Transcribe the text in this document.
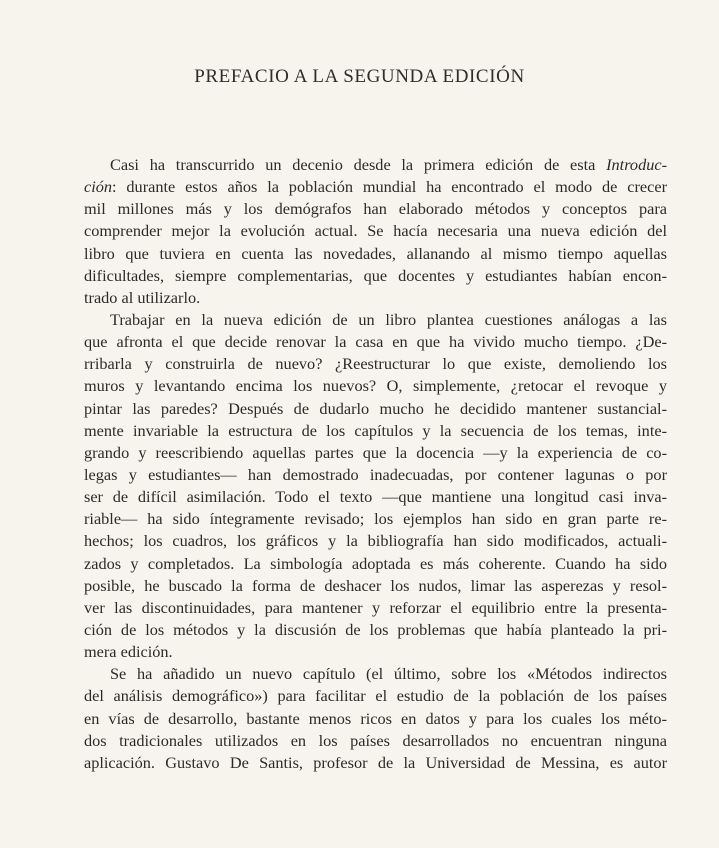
PREFACIO A LA SEGUNDA EDICIÓN
Casi ha transcurrido un decenio desde la primera edición de esta Introduc-
ción: durante estos años la población mundial ha encontrado el modo de crecer
mil millones más y los demógrafos han elaborado métodos y conceptos para
comprender mejor la evolución actual. Se hacía necesaria una nueva edición del
libro que tuviera en cuenta las novedades, allanando al mismo tiempo aquellas
dificultades, siempre complementarias, que docentes y estudiantes habían encon-
trado al utilizarlo.
Trabajar en la nueva edición de un libro plantea cuestiones análogas a las
que afronta el que decide renovar la casa en que ha vivido mucho tiempo. ¿De-
rribarla y construirla de nuevo? ¿Reestructurar lo que existe, demoliendo los
muros y levantando encima los nuevos? O, simplemente, ¿retocar el revoque y
pintar las paredes? Después de dudarlo mucho he decidido mantener sustancial-
mente invariable la estructura de los capítulos y la secuencia de los temas, inte-
grando y reescribiendo aquellas partes que la docencia —y la experiencia de co-
legas y estudiantes— han demostrado inadecuadas, por contener lagunas o por
ser de difícil asimilación. Todo el texto —que mantiene una longitud casi inva-
riable— ha sido íntegramente revisado; los ejemplos han sido en gran parte re-
hechos; los cuadros, los gráficos y la bibliografía han sido modificados, actuali-
zados y completados. La simbología adoptada es más coherente. Cuando ha sido
posible, he buscado la forma de deshacer los nudos, limar las asperezas y resol-
ver las discontinuidades, para mantener y reforzar el equilibrio entre la presenta-
ción de los métodos y la discusión de los problemas que había planteado la pri-
mera edición.
Se ha añadido un nuevo capítulo (el último, sobre los «Métodos indirectos
del análisis demográfico») para facilitar el estudio de la población de los países
en vías de desarrollo, bastante menos ricos en datos y para los cuales los méto-
dos tradicionales utilizados en los países desarrollados no encuentran ninguna
aplicación. Gustavo De Santis, profesor de la Universidad de Messina, es autor
